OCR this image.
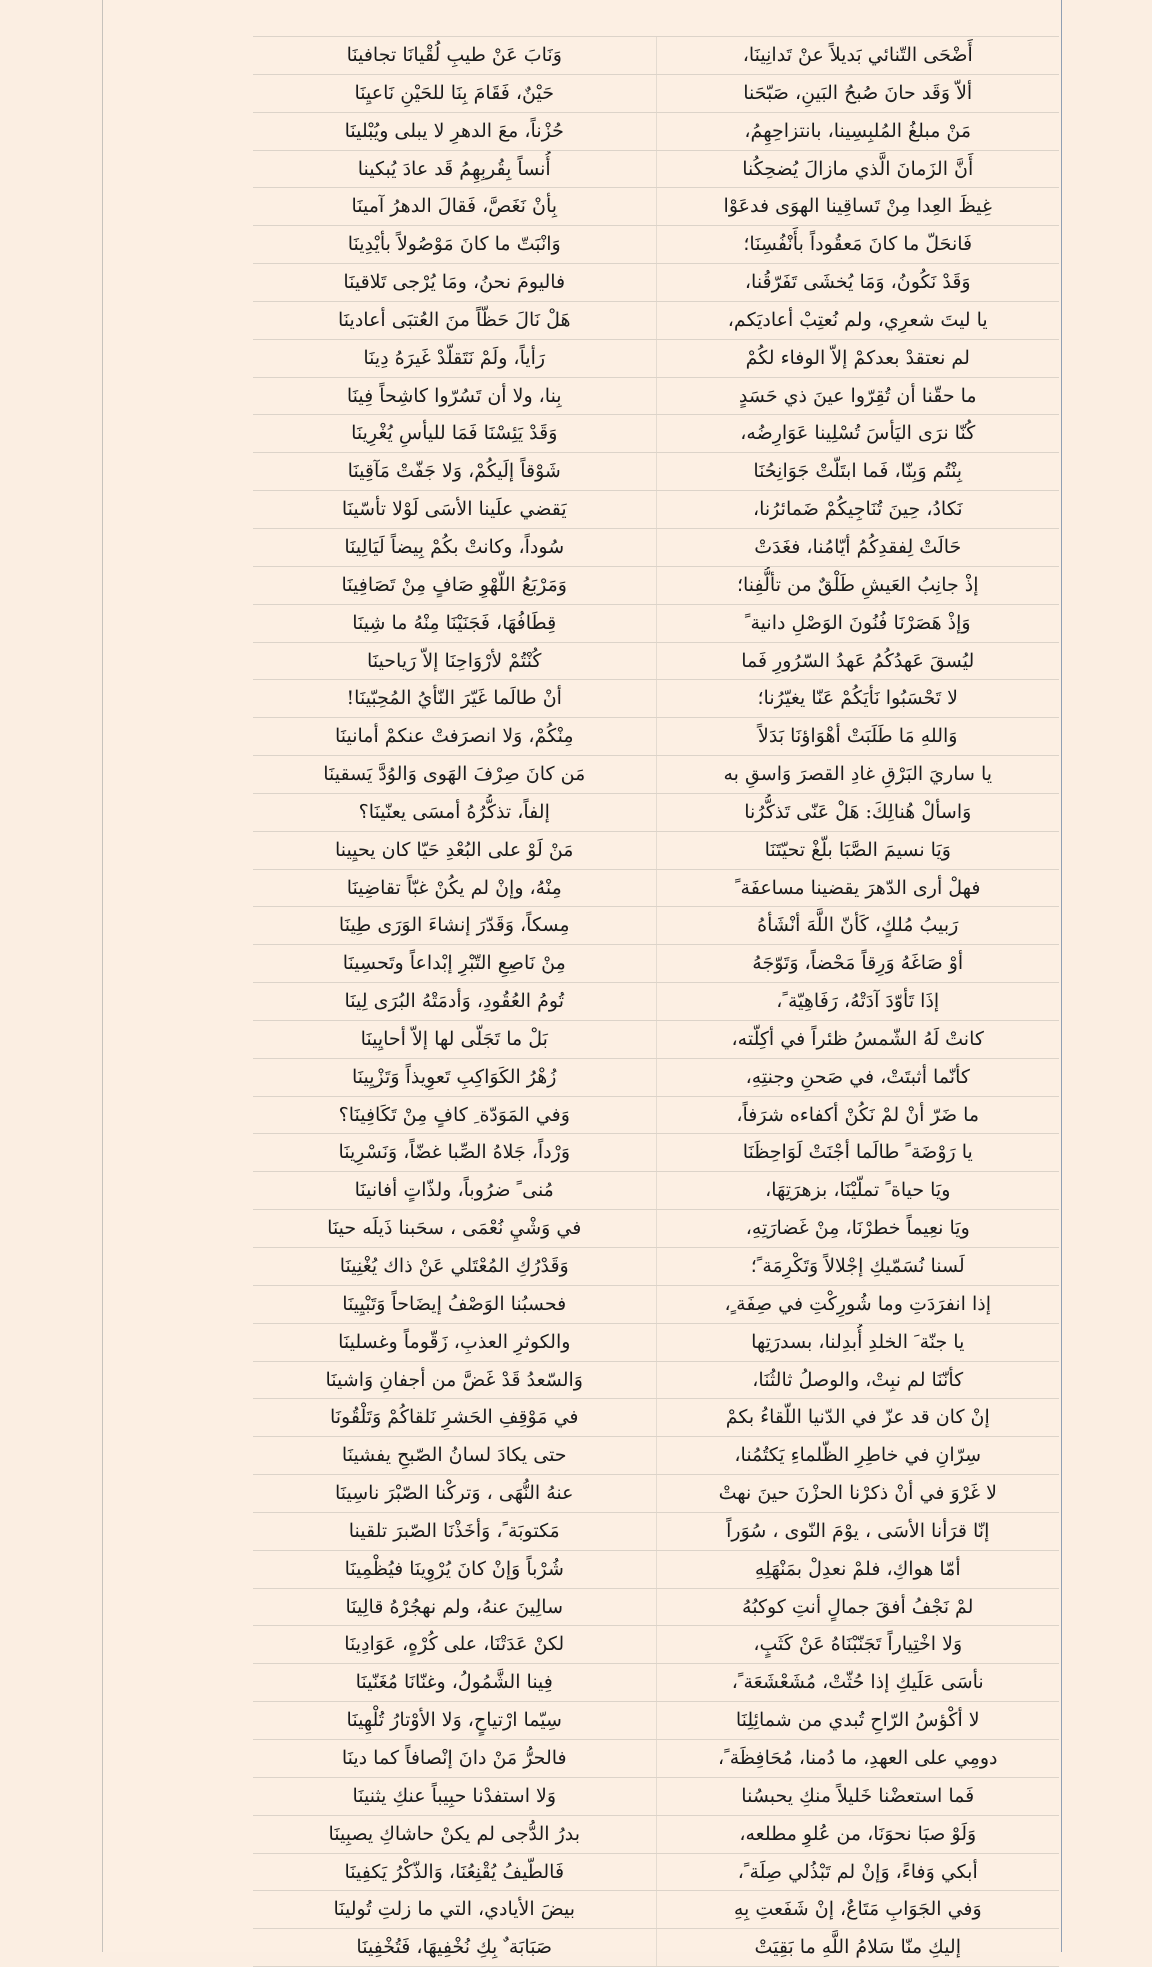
أَضْحَى التّنائي بَديلاً عنْ تَدانِينَا،
وَنَابَ عَنْ طيبِ لُقْيانَا تجافينَا
ألاّ وَقَد حانَ صُبحُ البَينِ، صَبّحَنا
حَيْنٌ، فَقَامَ بِنَا للحَيْنِ نَاعيِنَا
مَنْ مبلغُ المُلبِسِينا، بانتزاحِهِمُ،
حُزْناً، معَ الدهرِ لا يبلى ويُبْلينَا
أَنَّ الزَمانَ الَّذي مازالَ يُضحِكُنا
أُنساً بِقُربِهِمُ قَد عادَ يُبكينا
غِيظَ العِدا مِنْ تَساقِينا الهوَى فدعَوْا
بِأنْ نَغَصَّ، فَقالَ الدهرُ آمينَا
فَانحَلّ ما كانَ مَعقُوداً بأَنْفُسِنَا؛
وَانْبَتّ ما كانَ مَوْصُولاً بأيْدِينَا
وَقَدْ نَكُونُ، وَمَا يُخشَى تَفَرّقُنا،
فاليومَ نحنُ، ومَا يُرْجى تَلاقينَا
يا ليتَ شعرِي، ولم نُعتِبْ أعاديَكم،
هَلْ نَالَ حَظّاً منَ العُتبَى أعادينَا
لم نعتقدْ بعدكمْ إلاّ الوفاء لكُمْ
رَأياً، ولَمْ نَتَقلّدْ غَيرَهُ دِينَا
ما حقّنا أن تُقِرّوا عينَ ذي حَسَدٍ
بِنا، ولا أن تَسُرّوا كاشِحاً فِينَا
كُنّا نرَى اليَأسَ تُسْلِينا عَوَارِضُه،
وَقَدْ يَئِسْنَا فَمَا لليأسِ يُغْرِينَا
بِنْتُم وَبِنّا، فَما ابتَلّتْ جَوَانِحُنَا
شَوْقاً إلَيكُمْ، وَلا جَفّتْ مَآقِينَا
نَكادُ، حِينَ تُنَاجِيكُمْ ضَمائرُنا،
يَقضي علَينا الأسَى لَوْلا تأسّينَا
حَالَتْ لِفقدِكُمُ أيّامُنا، فغَدَتْ
سُوداً، وكانتْ بكُمْ بِيضاً لَيَالِينَا
إذْ جانِبُ العَيشِ طَلْقٌ من تألُّفِنا؛
وَمَرْبَعُ اللّهْوِ صَافٍ مِنْ تَصَافِينَا
وَإذْ هَصَرْنَا فُنُونَ الوَصْلِ دانية ً
قِطَافُهَا، فَجَنَيْنَا مِنْهُ ما شِينَا
ليُسقَ عَهدُكُمُ عَهدُ السّرُورِ فَما
كُنْتُمْ لأرْوَاحِنَا إلاّ رَياحينَا
لا تَحْسَبُوا نَأيَكُمْ عَنّا يغيّرُنا؛
أنْ طالَما غَيّرَ النّأيُ المُحِبّينَا!
وَاللهِ مَا طَلَبَتْ أهْوَاؤنَا بَدَلاً
مِنْكُمْ، وَلا انصرَفتْ عنكمْ أمانينَا
يا ساريَ البَرْقِ غادِ القصرَ وَاسقِ به
مَن كانَ صِرْفَ الهَوى وَالوُدَّ يَسقينَا
وَاسألْ هُنالِكَ: هَلْ عَنّى تَذكُّرُنا
إلفاً، تذكُّرُهُ أمسَى يعنّينَا؟
وَيَا نسيمَ الصَّبَا بلّغْ تحيّتَنَا
مَنْ لَوْ على البُعْدِ حَيّا كان يحيِينا
فهلْ أرى الدّهرَ يقضينا مساعفَة ً
مِنْهُ، وإنْ لم يكُنْ غبّاً تقاضِينَا
رَبيبُ مُلكٍ، كَأنّ اللَّهَ أنْشَأهُ
مِسكاً، وَقَدّرَ إنشاءَ الوَرَى طِينَا
أوْ صَاغَهُ وَرِقاً مَحْضاً، وَتَوّجَهُ
مِنْ نَاصِعِ التّبْرِ إبْداعاً وتَحسِينَا
إذَا تَأوّدَ آدَتْهُ، رَفَاهِيّة ً،
تُومُ العُقُودِ، وَأدمَتْهُ البُرَى لِينَا
كانتْ لَهُ الشّمسُ ظئراً في أكِلّته،
بَلْ ما تَجَلّى لها إلاّ أحايِينَا
كأنّما أثبتَتْ، في صَحنِ وجنتِهِ،
زُهْرُ الكَوَاكِبِ تَعوِيذاً وَتَزْيِينَا
ما ضَرّ أنْ لمْ نَكُنْ أكفاءه شرَفاً،
وَفي المَوَدّة ِ كافٍ مِنْ تَكَافِينَا؟
يا رَوْضَة ً طالَما أجْنَتْ لَوَاحِظَنَا
وَرْداً، جَلاهُ الصِّبا غضّاً، وَنَسْرِينَا
ويَا حياة ً تملّيْنَا، بزهرَتِهَا،
مُنى ً ضرُوباً، ولذّاتٍ أفانينَا
ويَا نعِيماً خطرْنَا، مِنْ غَضارَتِهِ،
في وَشْيِ نُعْمَى ، سحَبنا ذَيلَه حينَا
لَسنا نُسَمّيكِ إجْلالاً وَتَكْرِمَة ً؛
وَقَدْرُكِ المُعْتَلي عَنْ ذاك يُغْنِينَا
إذا انفرَدَتِ وما شُورِكْتِ في صِفَة ٍ،
فحسبُنا الوَصْفُ إيضَاحاً وَتَبْيِينَا
يا جنّة َ الخلدِ أُبدِلنا، بسدرَتِها
والكوثرِ العذبِ، زَقّوماً وغسلينَا
كأنّنَا لم نبِتْ، والوصلُ ثالثُنَا،
وَالسّعدُ قَدْ غَضَّ من أجفانِ وَاشينَا
إنْ كان قد عزّ في الدّنيا اللّقاءُ بكمْ
في مَوْقِفِ الحَشرِ نَلقاكُمْ وَتَلْقُونَا
سِرّانِ في خاطِرِ الظّلماءِ يَكتُمُنا،
حتى يكادَ لسانُ الصّبحِ يفشينَا
لا غَرْوَ في أنْ ذكرْنا الحزْنَ حينَ نهتْ
عنهُ النُّهَى ، وَتركْنا الصّبْرَ ناسِينَا
إنّا قرَأنا الأسَى ، يوْمَ النّوى ، سُوَراً
مَكتوبَة ً، وَأخَذْنَا الصّبرَ تلقينا
أمّا هواكِ، فلمْ نعدِلْ بمَنْهَلِهِ
شُرْباً وَإنْ كانَ يُرْوِينَا فيُظْمِينَا
لمْ نَجْفُ أفقَ جمالٍ أنتِ كوكبُهُ
سالِينَ عنهُ، ولم نهجُرْهُ قالِينَا
وَلا اخْتِياراً تَجَنّبْنَاهُ عَنْ كَثَبٍ،
لكنْ عَدَتْنَا، على كُرْهٍ، عَوَادِينَا
نأسَى عَلَيكِ إذا حُثّتْ، مُشَعْشَعَة ً،
فِينا الشَّمُولُ، وغنّانَا مُغَنّينَا
لا أكْؤسُ الرّاحِ تُبدي من شمائِلِنَا
سِيّما ارْتياحٍ، وَلا الأوْتارُ تُلْهِينَا
دومِي على العهدِ، ما دُمنا، مُحَافِظَة ً،
فالحرُّ مَنْ دانَ إنْصافاً كما دينَا
فَما استعضْنا خَليلاً منكِ يحبسُنا
وَلا استفدْنا حبِيباً عنكِ يثنينَا
وَلَوْ صبَا نحوَنَا، من عُلوِ مطلعه،
بدرُ الدُّجى لم يكنْ حاشاكِ يصبِينَا
أبكي وَفاءً، وَإنْ لم تَبْذُلي صِلَة ً،
فَالطّيفُ يُقْنِعُنَا، وَالذّكْرُ يَكفِينَا
وَفي الجَوَابِ مَتَاعٌ، إنْ شَفَعتِ بِهِ
بيضَ الأيادي، التي ما زلتِ تُولينَا
إليكِ منّا سَلامُ اللَّهِ ما بَقِيَتْ
صَبَابَة ٌ بِكِ نُخْفِيهَا، فَتُخْفِينَا
